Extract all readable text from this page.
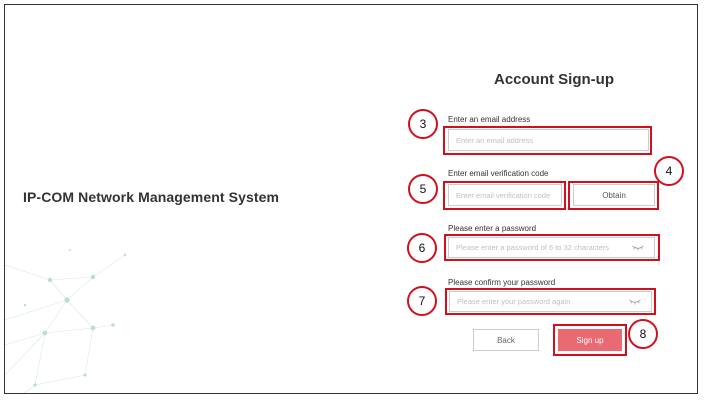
IP-COM Network Management System
Account Sign-up
Enter an email address
Enter an email address
3
Enter email verification code
Enter email verification code
5	Obtain
4
Please enter a password
6
Please confirm your password
7
Back	Sign up	8
